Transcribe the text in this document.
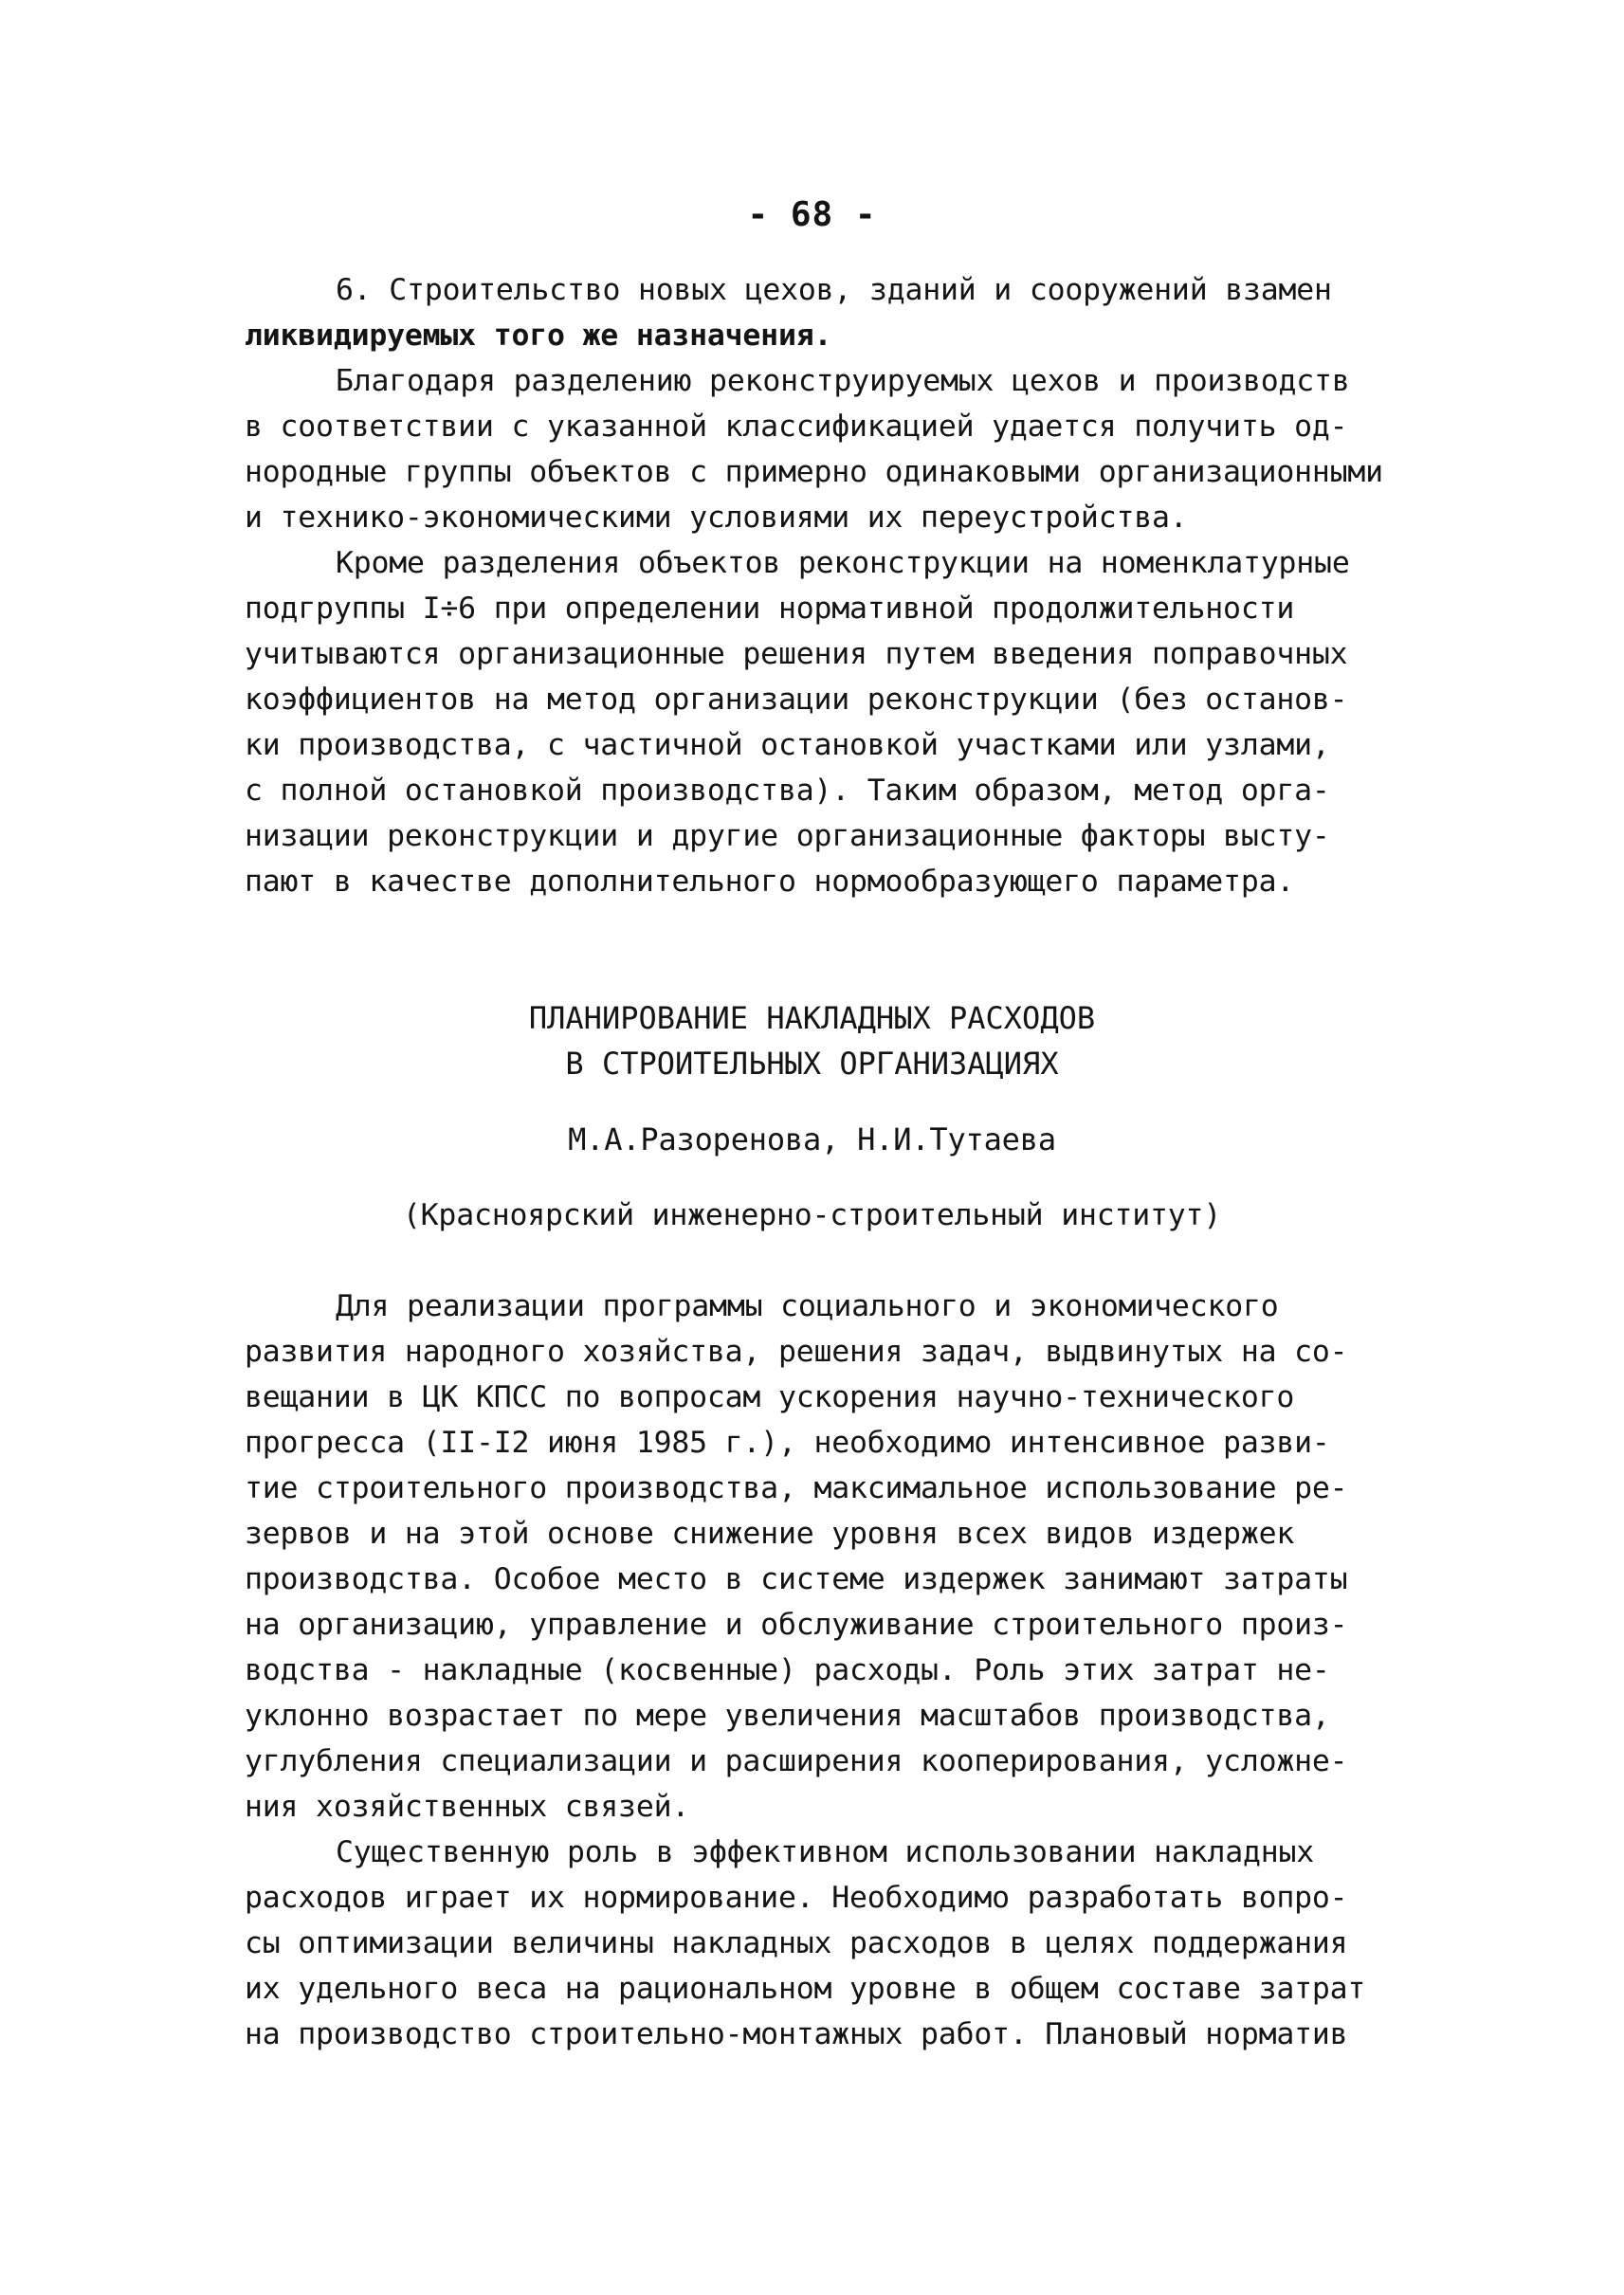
- 68 -
6. Строительство новых цехов, зданий и сооружений взамен
ликвидируемых того же назначения.
Благодаря разделению реконструируемых цехов и производств
в соответствии с указанной классификацией удается получить од-
нородные группы объектов с примерно одинаковыми организационными
и технико-экономическими условиями их переустройства.
Кроме разделения объектов реконструкции на номенклатурные
подгруппы I÷6 при определении нормативной продолжительности
учитываются организационные решения путем введения поправочных
коэффициентов на метод организации реконструкции (без останов-
ки производства, с частичной остановкой участками или узлами,
с полной остановкой производства). Таким образом, метод орга-
низации реконструкции и другие организационные факторы высту-
пают в качестве дополнительного нормообразующего параметра.
ПЛАНИРОВАНИЕ НАКЛАДНЫХ РАСХОДОВ
В СТРОИТЕЛЬНЫХ ОРГАНИЗАЦИЯХ
М.А.Разоренова, Н.И.Тутаева
(Красноярский инженерно-строительный институт)
Для реализации программы социального и экономического
развития народного хозяйства, решения задач, выдвинутых на со-
вещании в ЦК КПСС по вопросам ускорения научно-технического
прогресса (II-I2 июня 1985 г.), необходимо интенсивное разви-
тие строительного производства, максимальное использование ре-
зервов и на этой основе снижение уровня всех видов издержек
производства. Особое место в системе издержек занимают затраты
на организацию, управление и обслуживание строительного произ-
водства - накладные (косвенные) расходы. Роль этих затрат не-
уклонно возрастает по мере увеличения масштабов производства,
углубления специализации и расширения кооперирования, усложне-
ния хозяйственных связей.
Существенную роль в эффективном использовании накладных
расходов играет их нормирование. Необходимо разработать вопро-
сы оптимизации величины накладных расходов в целях поддержания
их удельного веса на рациональном уровне в общем составе затрат
на производство строительно-монтажных работ. Плановый норматив
